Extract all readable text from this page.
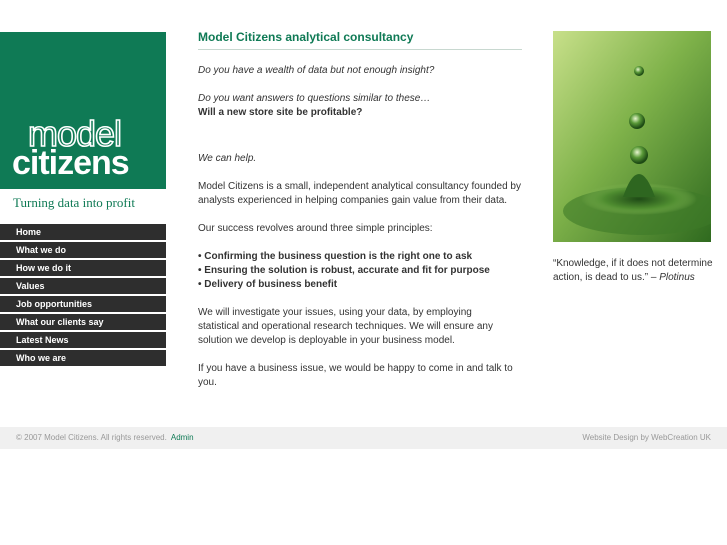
model
citizens
Turning data into profit
Home
What we do
How we do it
Values
Job opportunities
What our clients say
Latest News
Who we are
Model Citizens analytical consultancy

Do you have a wealth of data but not enough insight?

Do you want answers to questions similar to these…

Will a new store site be profitable?

We can help.

Model Citizens is a small, independent analytical consultancy founded by analysts experienced in helping companies gain value from their data.

Our success revolves around three simple principles:

• Confirming the business question is the right one to ask

• Ensuring the solution is robust, accurate and fit for purpose

• Delivery of business benefit

We will investigate your issues, using your data, by employing statistical and operational research techniques. We will ensure any solution we develop is deployable in your business model.

If you have a business issue, we would be happy to come in and talk to you.

“Knowledge, if it does not determine action, is dead to us.” – Plotinus
© 2007 Model Citizens. All rights reserved. Admin	Website Design by WebCreation UK
